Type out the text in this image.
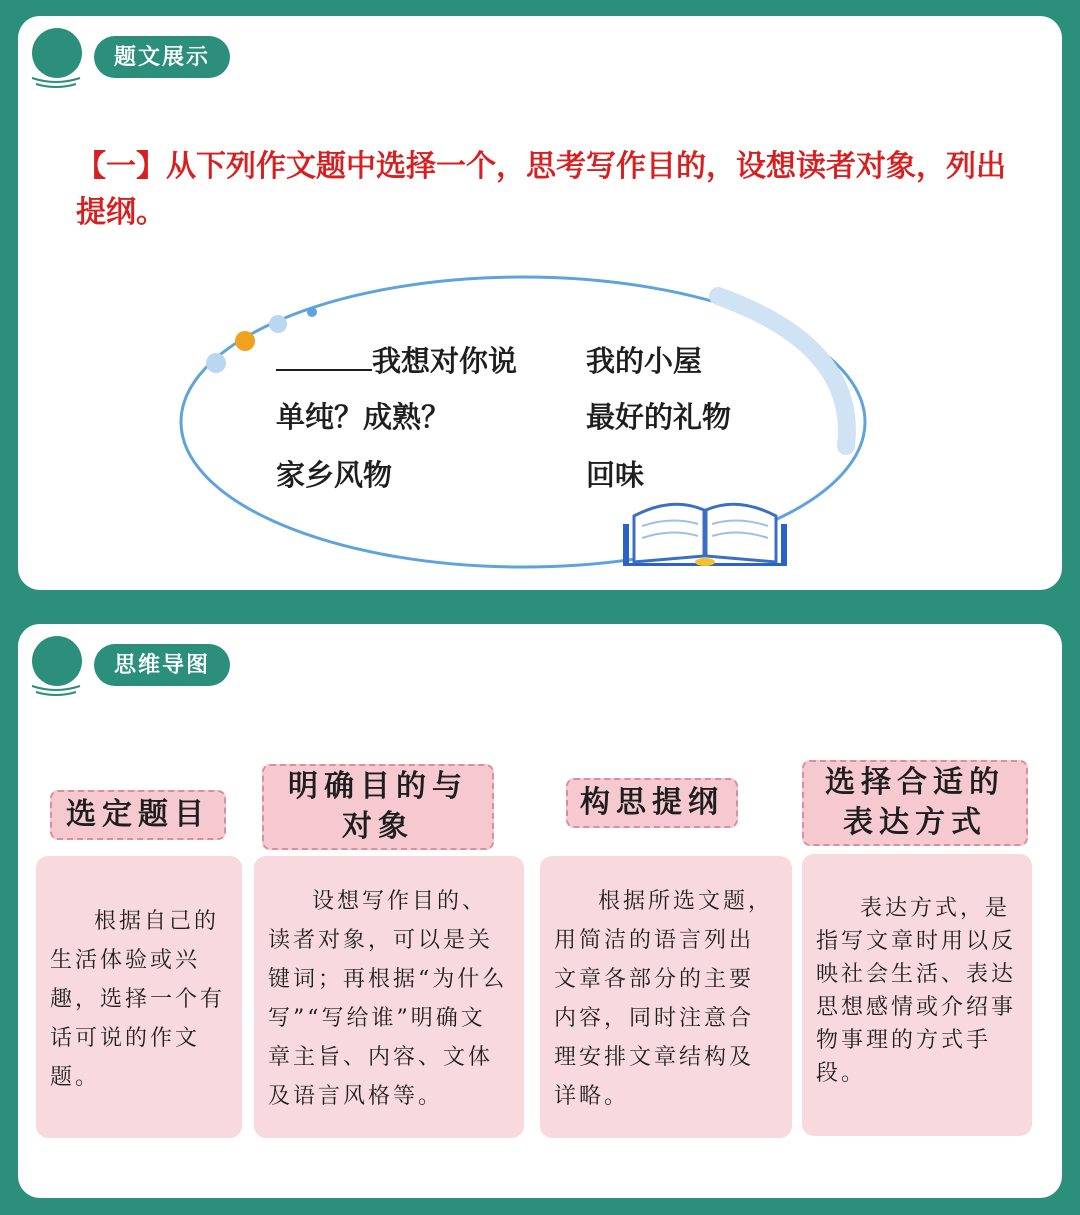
题文展示

【一】从下列作文题中选择一个，思考写作目的，设想读者对象，列出提纲。

我想对你说 我的小屋
单纯？成熟？	最好的礼物
家乡风物	回味
思维导图
选定题目

根据自己的生活体验或兴趣，选择一个有话可说的作文题。

明确目的与对象

设想写作目的、读者对象，可以是关键词；再根据“为什么写”“写给谁”明确文章主旨、内容、文体及语言风格等。

构思提纲

根据所选文题，用简洁的语言列出文章各部分的主要内容，同时注意合理安排文章结构及详略。

选择合适的表达方式

表达方式，是指写文章时用以反映社会生活、表达思想感情或介绍事物事理的方式手段。
